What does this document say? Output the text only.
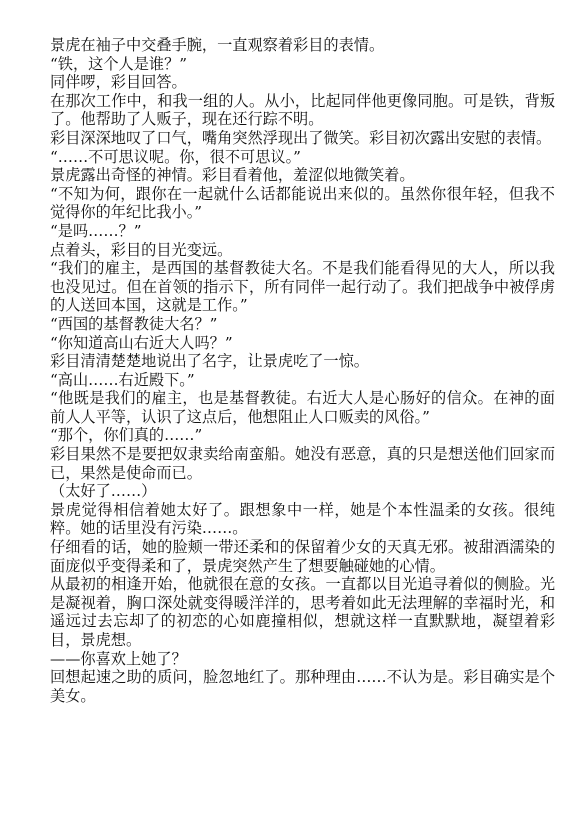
景虎在袖子中交叠手腕，一直观察着彩目的表情。

“铁，这个人是谁？”

同伴啰，彩目回答。

在那次工作中，和我一组的人。从小，比起同伴他更像同胞。可是铁，背叛了。他帮助了人贩子，现在还行踪不明。

彩目深深地叹了口气，嘴角突然浮现出了微笑。彩目初次露出安慰的表情。

“……不可思议呢。你，很不可思议。”

景虎露出奇怪的神情。彩目看着他，羞涩似地微笑着。

“不知为何，跟你在一起就什么话都能说出来似的。虽然你很年轻，但我不觉得你的年纪比我小。”

“是吗……？”

点着头，彩目的目光变远。

“我们的雇主，是西国的基督教徒大名。不是我们能看得见的大人，所以我也没见过。但在首领的指示下，所有同伴一起行动了。我们把战争中被俘虏的人送回本国，这就是工作。”

“西国的基督教徒大名？”

“你知道高山右近大人吗？”

彩目清清楚楚地说出了名字，让景虎吃了一惊。

“高山……右近殿下。”

“他既是我们的雇主，也是基督教徒。右近大人是心肠好的信众。在神的面前人人平等，认识了这点后，他想阻止人口贩卖的风俗。”

“那个，你们真的……”

彩目果然不是要把奴隶卖给南蛮船。她没有恶意，真的只是想送他们回家而已，果然是使命而已。

（太好了……）

景虎觉得相信着她太好了。跟想象中一样，她是个本性温柔的女孩。很纯粹。她的话里没有污染……。

仔细看的话，她的脸颊一带还柔和的保留着少女的天真无邪。被甜酒濡染的面庞似乎变得柔和了，景虎突然产生了想要触碰她的心情。

从最初的相逢开始，他就很在意的女孩。一直都以目光追寻着似的侧脸。光是凝视着，胸口深处就变得暖洋洋的，思考着如此无法理解的幸福时光，和遥远过去忘却了的初恋的心如鹿撞相似，想就这样一直默默地，凝望着彩目，景虎想。

——你喜欢上她了？

回想起速之助的质问，脸忽地红了。那种理由……不认为是。彩目确实是个美女。
